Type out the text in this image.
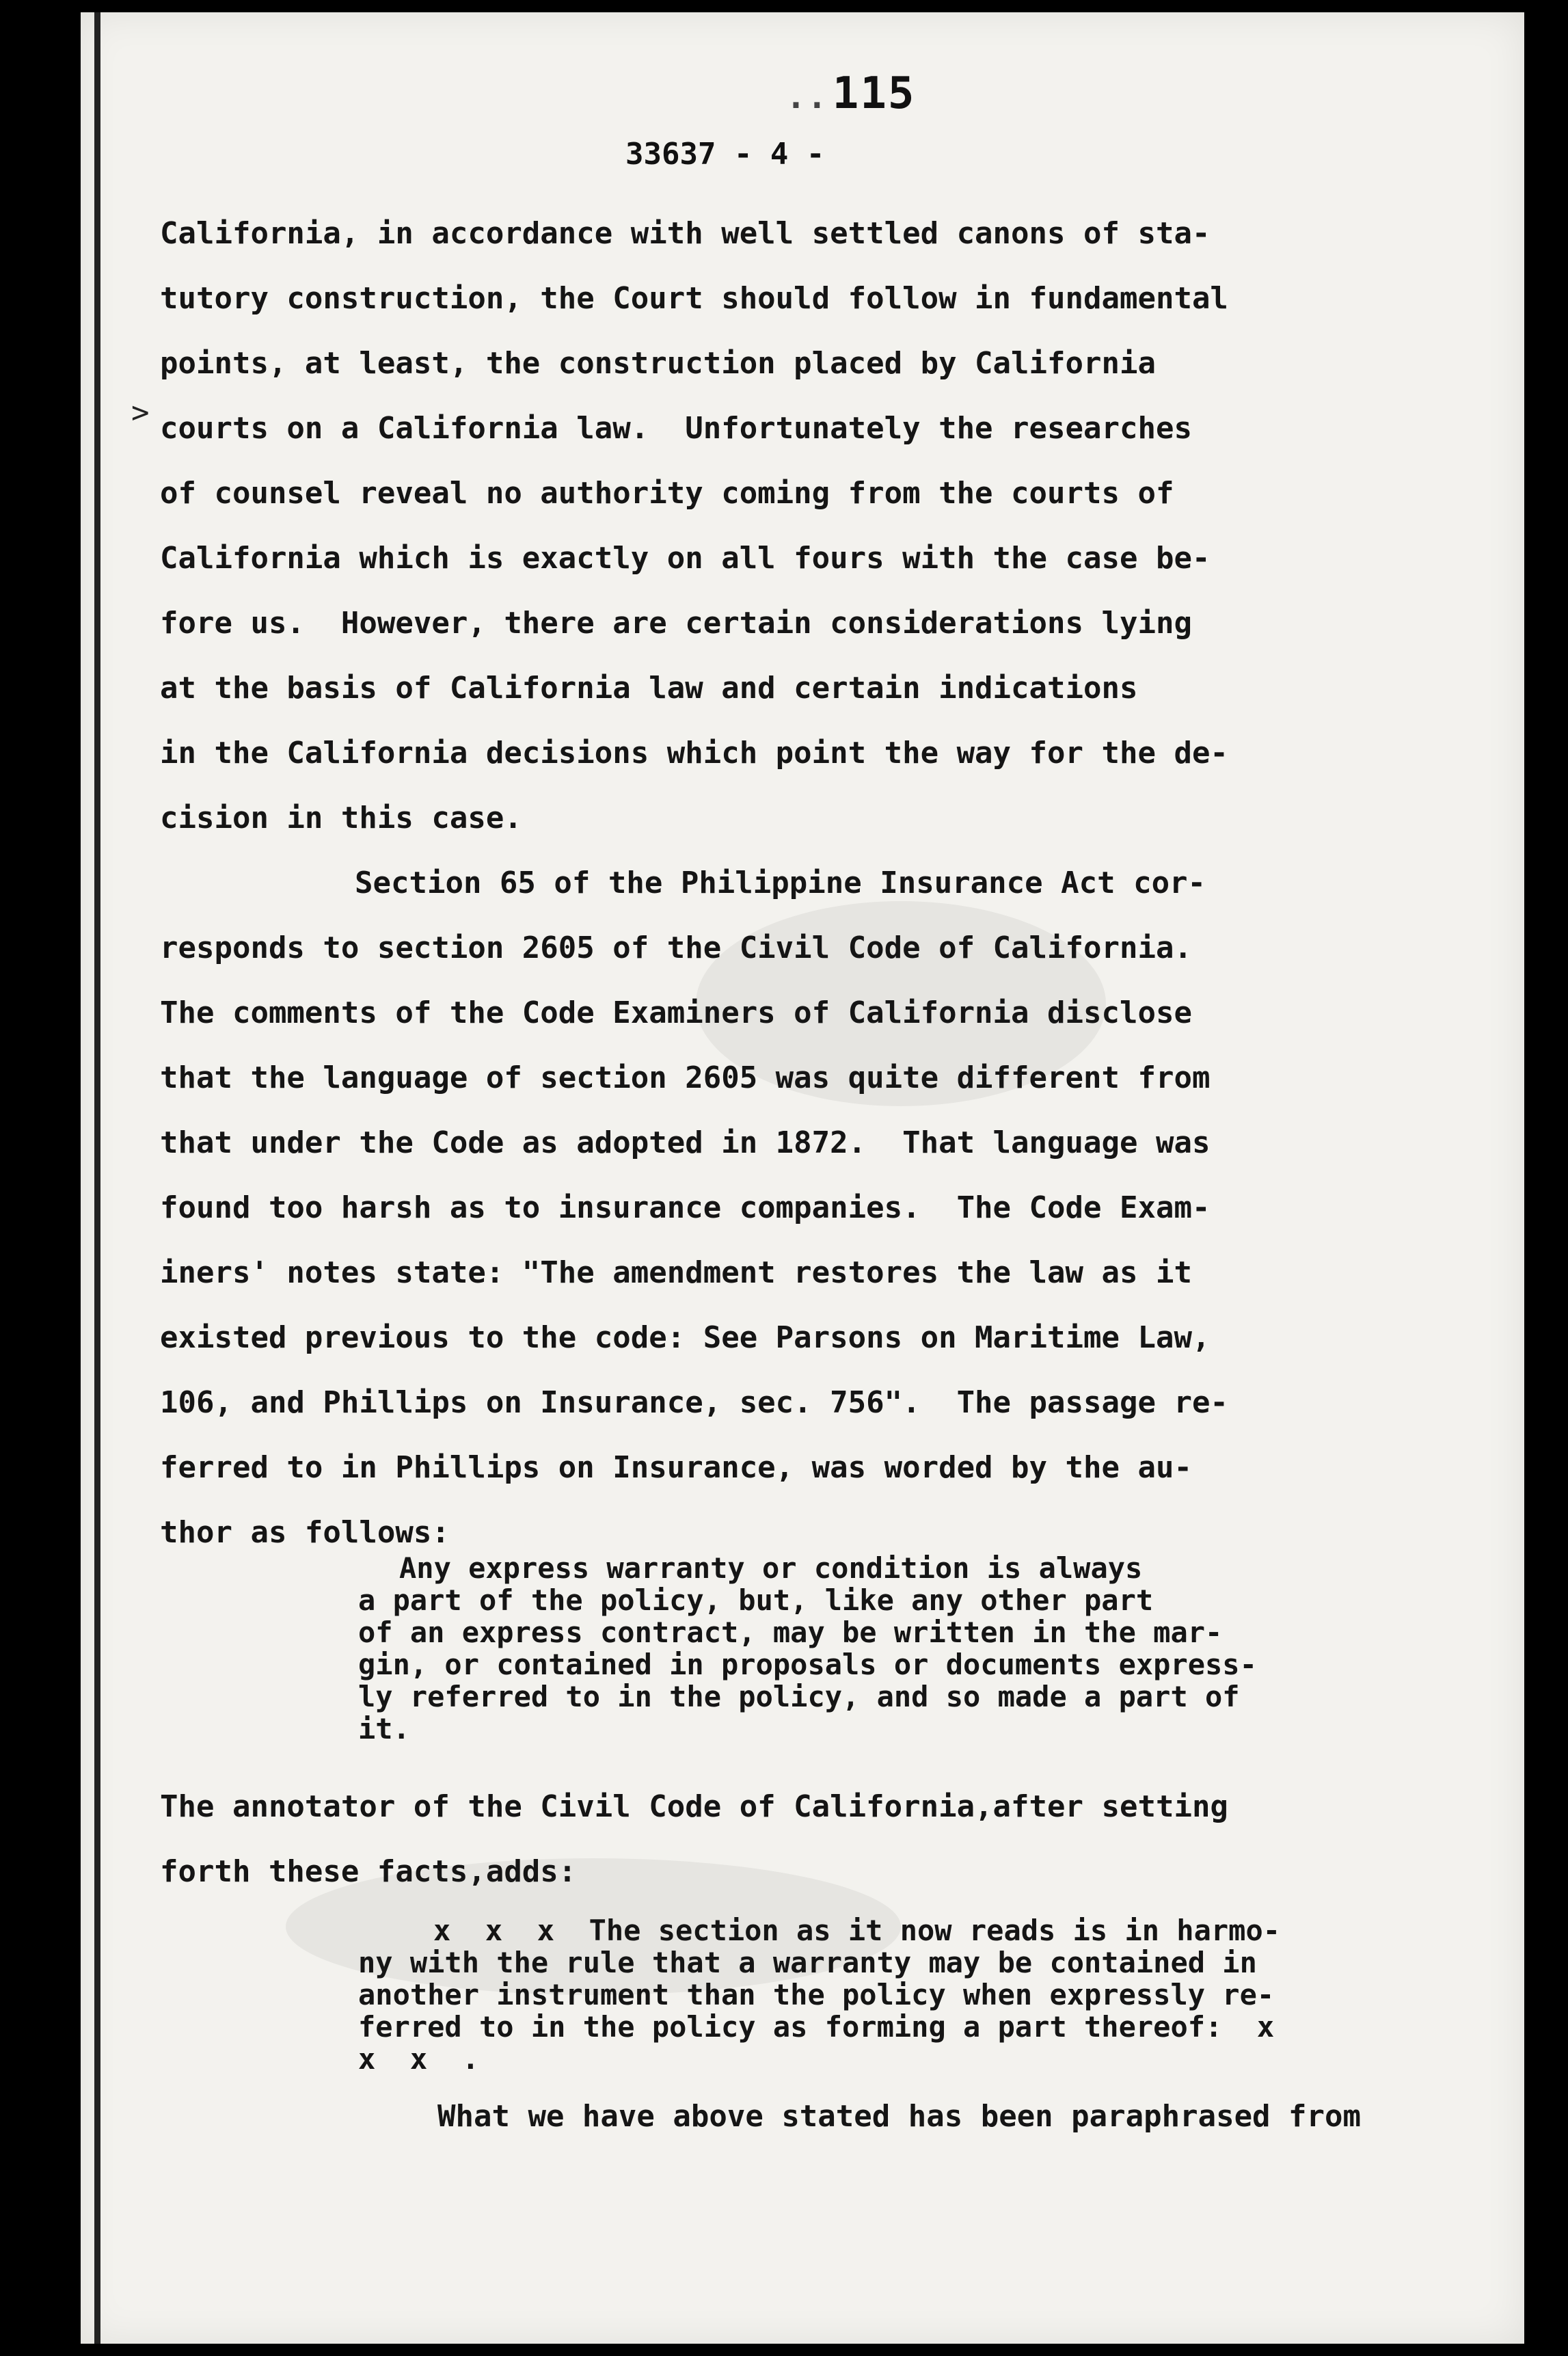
..115
33637 - 4 -
>
California, in accordance with well settled canons of sta-
tutory construction, the Court should follow in fundamental
points, at least, the construction placed by California
courts on a California law.  Unfortunately the researches
of counsel reveal no authority coming from the courts of
California which is exactly on all fours with the case be-
fore us.  However, there are certain considerations lying
at the basis of California law and certain indications
in the California decisions which point the way for the de-
cision in this case.
Section 65 of the Philippine Insurance Act cor-
responds to section 2605 of the Civil Code of California.
The comments of the Code Examiners of California disclose
that the language of section 2605 was quite different from
that under the Code as adopted in 1872.  That language was
found too harsh as to insurance companies.  The Code Exam-
iners' notes state: "The amendment restores the law as it
existed previous to the code: See Parsons on Maritime Law,
106, and Phillips on Insurance, sec. 756".  The passage re-
ferred to in Phillips on Insurance, was worded by the au-
thor as follows:
Any express warranty or condition is always
a part of the policy, but, like any other part
of an express contract, may be written in the mar-
gin, or contained in proposals or documents express-
ly referred to in the policy, and so made a part of
it.
The annotator of the Civil Code of California,after setting
forth these facts,adds:
x  x  x  The section as it now reads is in harmo-
ny with the rule that a warranty may be contained in
another instrument than the policy when expressly re-
ferred to in the policy as forming a part thereof:  x
x  x  .
What we have above stated has been paraphrased from
